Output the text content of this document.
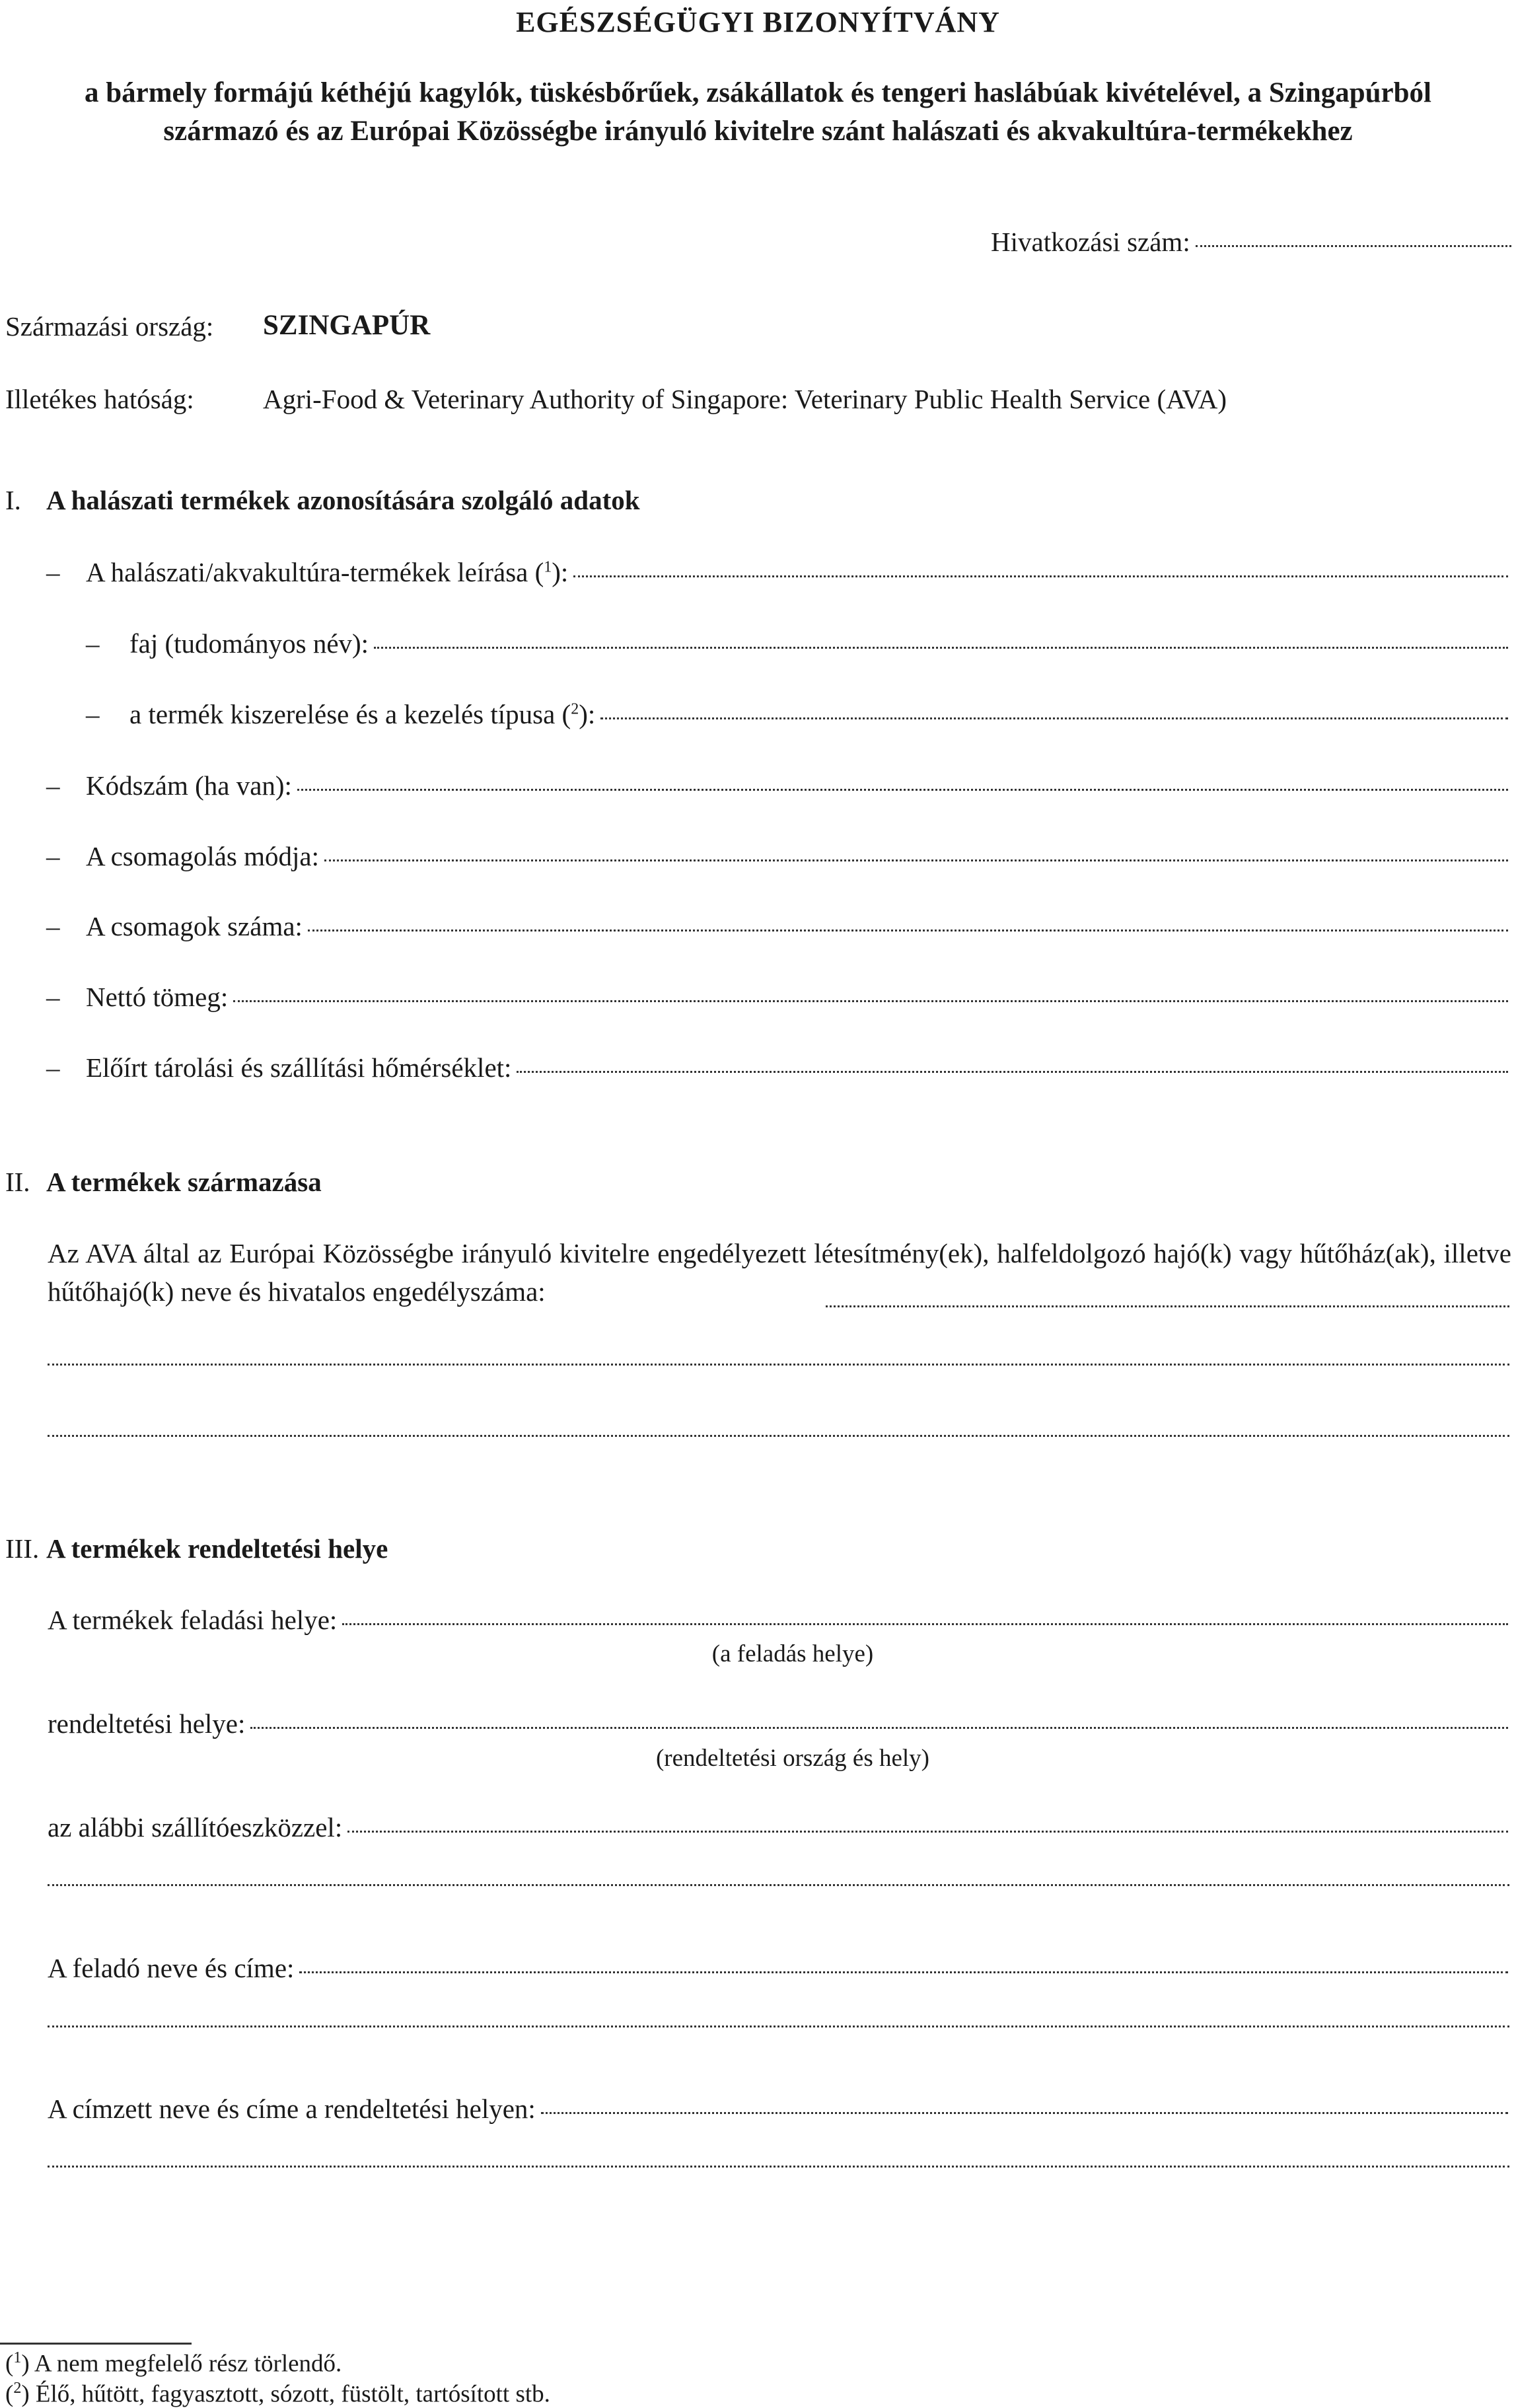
EGÉSZSÉGÜGYI BIZONYÍTVÁNY
a bármely formájú kéthéjú kagylók, tüskésbőrűek, zsákállatok és tengeri haslábúak kivételével, a Szingapúrból származó és az Európai Közösségbe irányuló kivitelre szánt halászati és akvakultúra-termékekhez
Hivatkozási szám:
Származási ország: SZINGAPÚR
Illetékes hatóság:	Agri-Food & Veterinary Authority of Singapore: Veterinary Public Health Service (AVA)
I. A halászati termékek azonosítására szolgáló adatok
– A halászati/akvakultúra-termékek leírása ($^1$):
– faj (tudományos név):
– a termék kiszerelése és a kezelés típusa ($^2$):
– Kódszám (ha van):
– A csomagolás módja:
– A csomagok száma:
– Nettó tömeg:
– Előírt tárolási és szállítási hőmérséklet:
II. A termékek származása
Az AVA által az Európai Közösségbe irányuló kivitelre engedélyezett létesítmény(ek), halfeldolgozó hajó(k) vagy hűtőház(ak), illetve hűtőhajó(k) neve és hivatalos engedélyszáma:
III. A termékek rendeltetési helye
A termékek feladási helye:
(a feladás helye)
rendeltetési helye:
(rendeltetési ország és hely)
az alábbi szállítóeszközzel:
A feladó neve és címe:
A címzett neve és címe a rendeltetési helyen:
($^1$) A nem megfelelő rész törlendő.
($^2$) Élő, hűtött, fagyasztott, sózott, füstölt, tartósított stb.
